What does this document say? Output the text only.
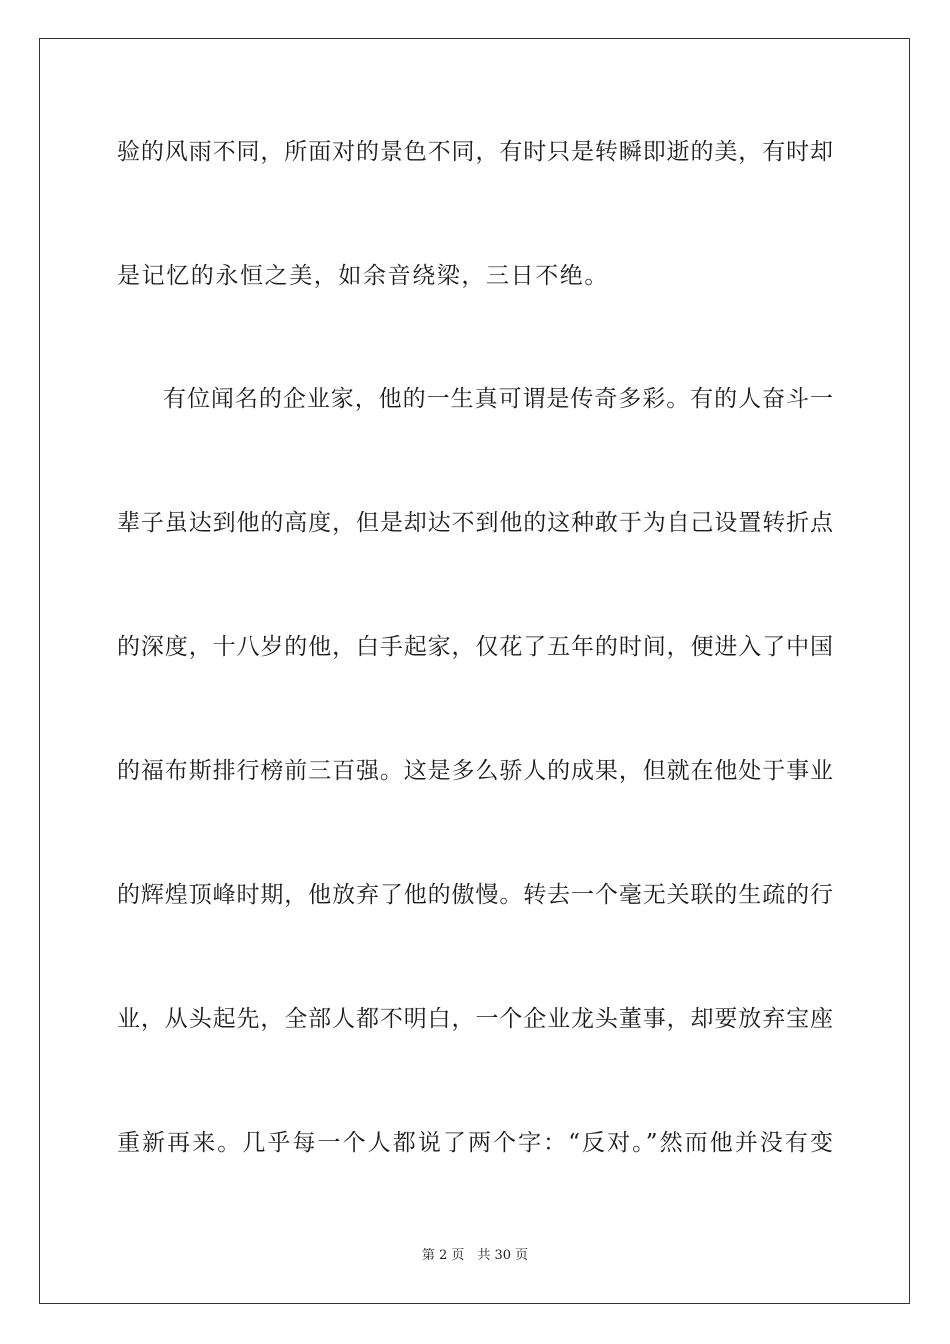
验的风雨不同，所面对的景色不同，有时只是转瞬即逝的美，有时却
是记忆的永恒之美，如余音绕梁，三日不绝。
有位闻名的企业家，他的一生真可谓是传奇多彩。有的人奋斗一
辈子虽达到他的高度，但是却达不到他的这种敢于为自己设置转折点
的深度，十八岁的他，白手起家，仅花了五年的时间，便进入了中国
的福布斯排行榜前三百强。这是多么骄人的成果，但就在他处于事业
的辉煌顶峰时期，他放弃了他的傲慢。转去一个毫无关联的生疏的行
业，从头起先，全部人都不明白，一个企业龙头董事，却要放弃宝座
重新再来。几乎每一个人都说了两个字：“反对。”然而他并没有变
第 2 页　共 30 页
